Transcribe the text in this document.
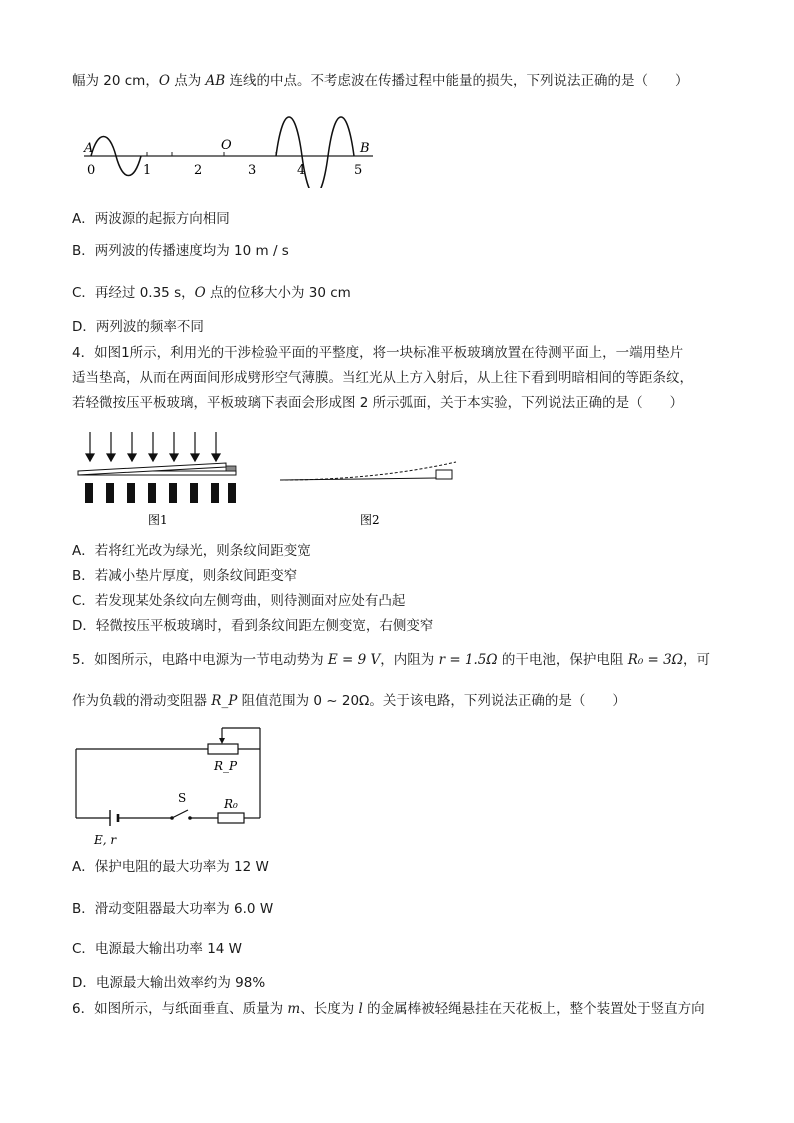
幅为 20 cm，O 点为 AB 连线的中点。不考虑波在传播过程中能量的损失，下列说法正确的是（　　）
A	B
O
0	1	2	3	4	5
A．两波源的起振方向相同
B．两列波的传播速度均为 10 m / s
C．再经过 0.35 s，O 点的位移大小为 30 cm
D．两列波的频率不同
4．如图1所示，利用光的干涉检验平面的平整度，将一块标准平板玻璃放置在待测平面上，一端用垫片
适当垫高，从而在两面间形成劈形空气薄膜。当红光从上方入射后，从上往下看到明暗相间的等距条纹，
若轻微按压平板玻璃，平板玻璃下表面会形成图 2 所示弧面，关于本实验，下列说法正确的是（　　）
图1	图2
A．若将红光改为绿光，则条纹间距变宽
B．若减小垫片厚度，则条纹间距变窄
C．若发现某处条纹向左侧弯曲，则待测面对应处有凸起
D．轻微按压平板玻璃时，看到条纹间距左侧变宽，右侧变窄
5．如图所示，电路中电源为一节电动势为 E = 9 V，内阻为 r = 1.5Ω 的干电池，保护电阻 R₀ = 3Ω，可
作为负载的滑动变阻器 R_P 阻值范围为 0 ~ 20Ω。关于该电路，下列说法正确的是（　　）
R_P
S	R₀
E, r
A．保护电阻的最大功率为 12 W
B．滑动变阻器最大功率为 6.0 W
C．电源最大输出功率 14 W
D．电源最大输出效率约为 98%
6．如图所示，与纸面垂直、质量为 m、长度为 l 的金属棒被轻绳悬挂在天花板上，整个装置处于竖直方向
